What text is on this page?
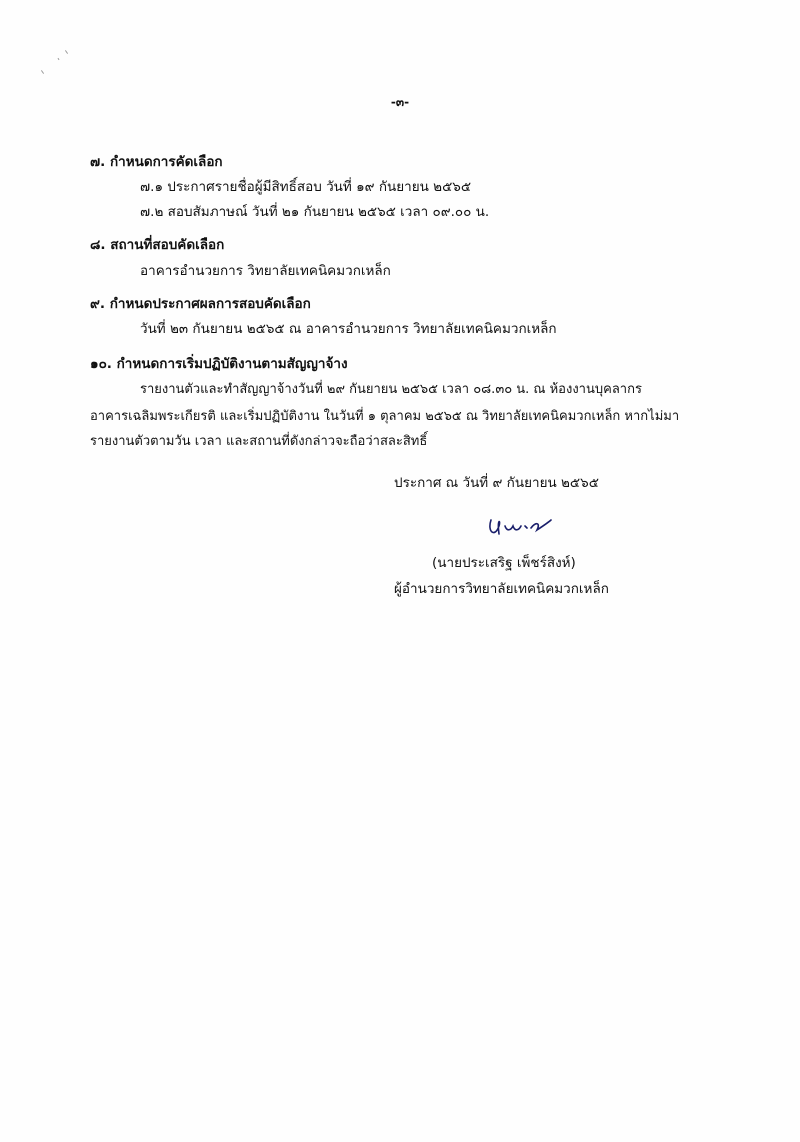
-๓-
๗. กำหนดการคัดเลือก
๗.๑ ประกาศรายชื่อผู้มีสิทธิ์สอบ วันที่ ๑๙ กันยายน ๒๕๖๕
๗.๒ สอบสัมภาษณ์ วันที่ ๒๑ กันยายน ๒๕๖๕ เวลา ๐๙.๐๐ น.
๘. สถานที่สอบคัดเลือก
อาคารอำนวยการ วิทยาลัยเทคนิคมวกเหล็ก
๙. กำหนดประกาศผลการสอบคัดเลือก
วันที่ ๒๓ กันยายน ๒๕๖๕ ณ อาคารอำนวยการ วิทยาลัยเทคนิคมวกเหล็ก
๑๐. กำหนดการเริ่มปฏิบัติงานตามสัญญาจ้าง
รายงานตัวและทำสัญญาจ้างวันที่ ๒๙ กันยายน ๒๕๖๕ เวลา ๐๘.๓๐ น. ณ ห้องงานบุคลากร
อาคารเฉลิมพระเกียรติ และเริ่มปฏิบัติงาน ในวันที่ ๑ ตุลาคม ๒๕๖๕ ณ วิทยาลัยเทคนิคมวกเหล็ก หากไม่มา
รายงานตัวตามวัน เวลา และสถานที่ดังกล่าวจะถือว่าสละสิทธิ์
ประกาศ ณ วันที่ ๙ กันยายน ๒๕๖๕
(นายประเสริฐ เพ็ชร์สิงห์)
ผู้อำนวยการวิทยาลัยเทคนิคมวกเหล็ก
